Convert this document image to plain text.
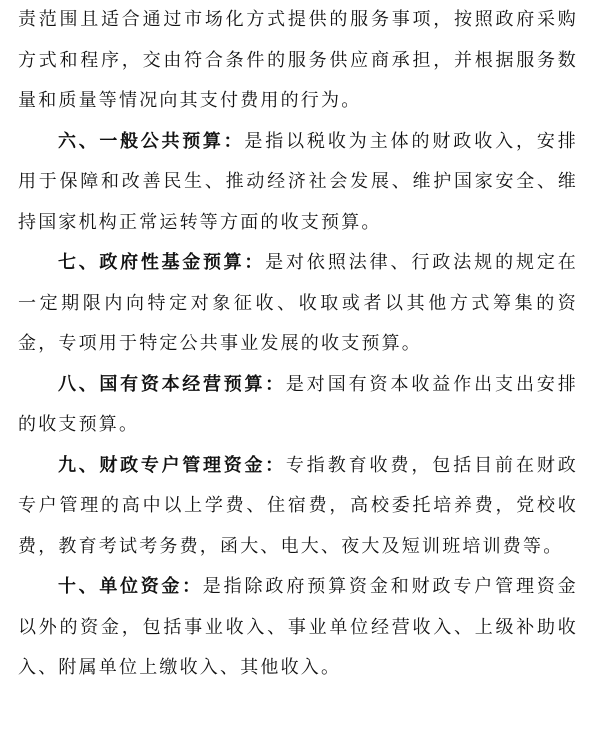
责范围且适合通过市场化方式提供的服务事项，按照政府采购方式和程序，交由符合条件的服务供应商承担，并根据服务数量和质量等情况向其支付费用的行为。

六、一般公共预算：是指以税收为主体的财政收入，安排用于保障和改善民生、推动经济社会发展、维护国家安全、维持国家机构正常运转等方面的收支预算。

七、政府性基金预算：是对依照法律、行政法规的规定在一定期限内向特定对象征收、收取或者以其他方式筹集的资金，专项用于特定公共事业发展的收支预算。

八、国有资本经营预算：是对国有资本收益作出支出安排的收支预算。

九、财政专户管理资金：专指教育收费，包括目前在财政专户管理的高中以上学费、住宿费，高校委托培养费，党校收费，教育考试考务费，函大、电大、夜大及短训班培训费等。

十、单位资金：是指除政府预算资金和财政专户管理资金以外的资金，包括事业收入、事业单位经营收入、上级补助收入、附属单位上缴收入、其他收入。
